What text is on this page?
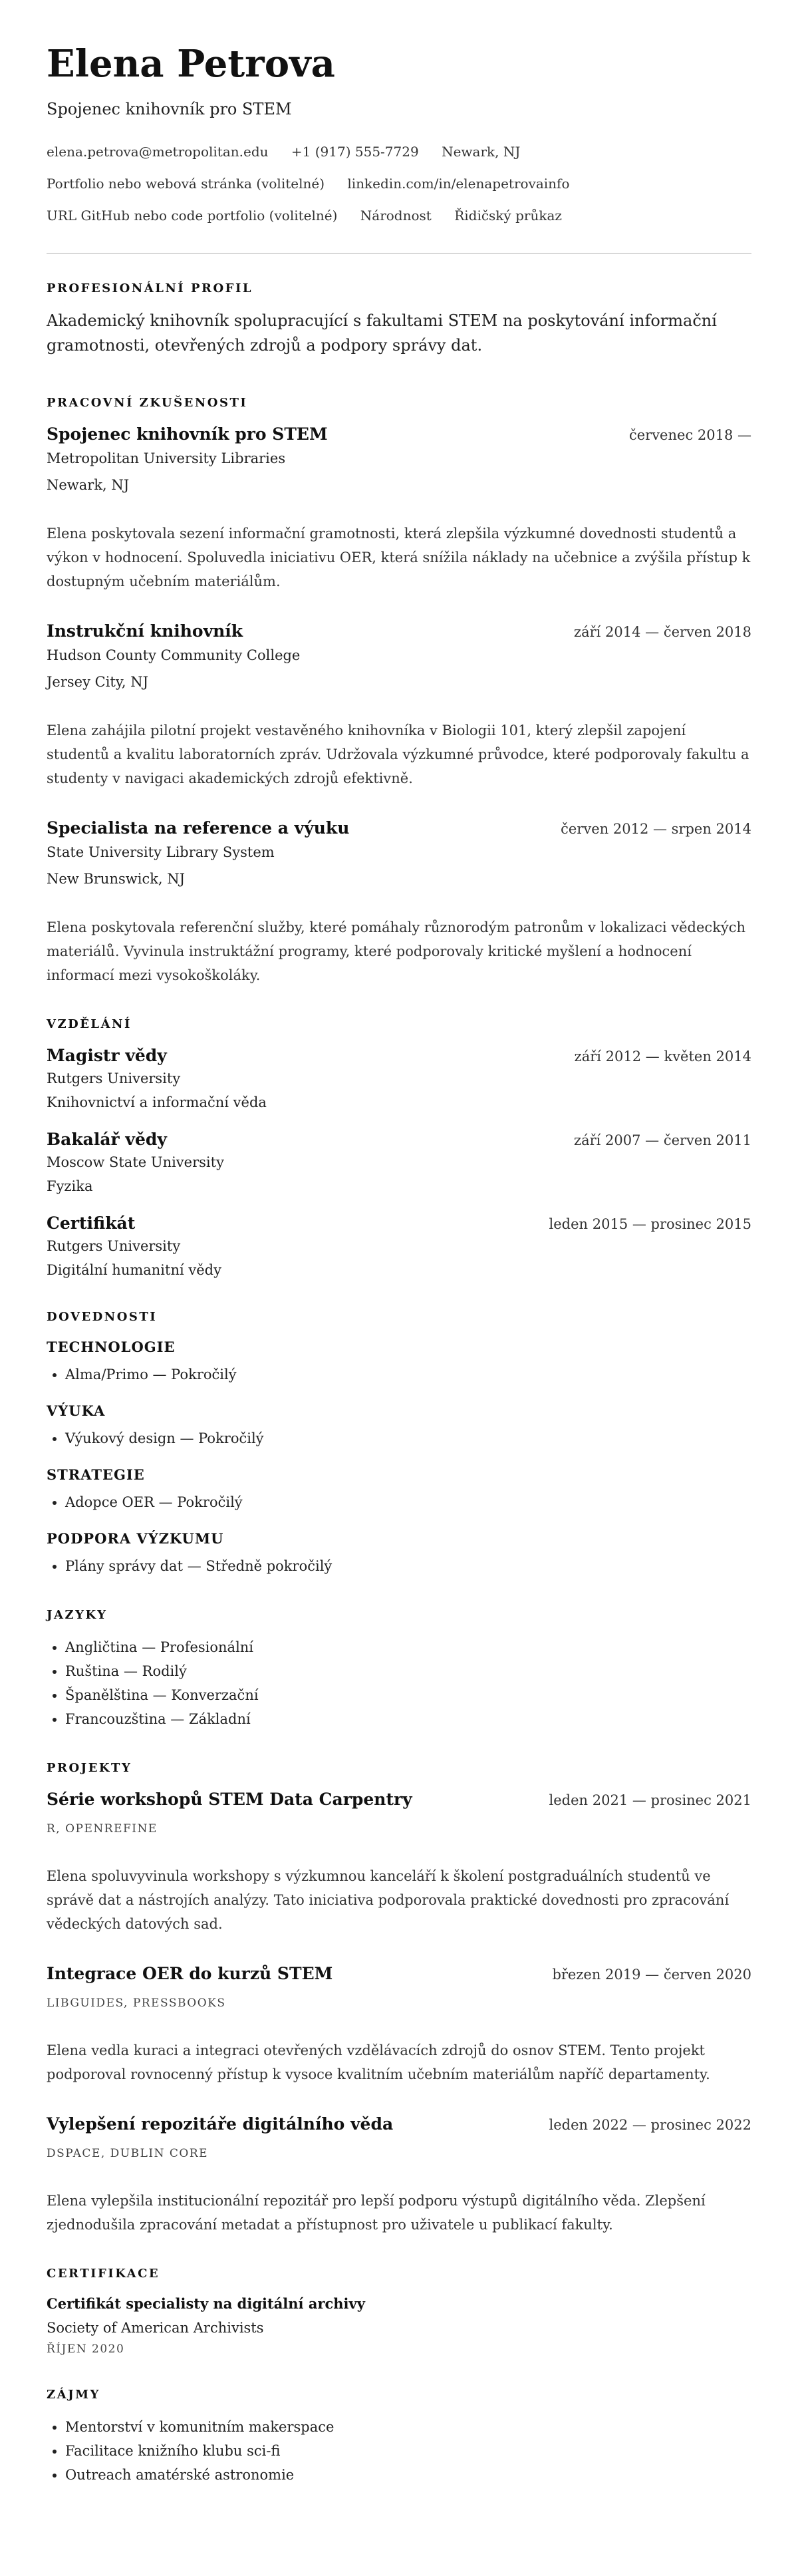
Elena Petrova
Spojenec knihovník pro STEM
elena.petrova@metropolitan.edu +1 (917) 555-7729 Newark, NJ
Portfolio nebo webová stránka (volitelné) linkedin.com/in/elenapetrovainfo
URL GitHub nebo code portfolio (volitelné) Národnost Řidičský průkaz
PROFESIONÁLNÍ PROFIL
Akademický knihovník spolupracující s fakultami STEM na poskytování informační gramotnosti, otevřených zdrojů a podpory správy dat.
PRACOVNÍ ZKUŠENOSTI
Spojenec knihovník pro STEM	červenec 2018 —
Metropolitan University Libraries
Newark, NJ
Elena poskytovala sezení informační gramotnosti, která zlepšila výzkumné dovednosti studentů a výkon v hodnocení. Spoluvedla iniciativu OER, která snížila náklady na učebnice a zvýšila přístup k dostupným učebním materiálům.
Instrukční knihovník	září 2014 — červen 2018
Hudson County Community College
Jersey City, NJ
Elena zahájila pilotní projekt vestavěného knihovníka v Biologii 101, který zlepšil zapojení studentů a kvalitu laboratorních zpráv. Udržovala výzkumné průvodce, které podporovaly fakultu a studenty v navigaci akademických zdrojů efektivně.
Specialista na reference a výuku	červen 2012 — srpen 2014
State University Library System
New Brunswick, NJ
Elena poskytovala referenční služby, které pomáhaly různorodým patronům v lokalizaci vědeckých materiálů. Vyvinula instruktážní programy, které podporovaly kritické myšlení a hodnocení informací mezi vysokoškoláky.
VZDĚLÁNÍ
Magistr vědy	září 2012 — květen 2014
Rutgers University
Knihovnictví a informační věda
Bakalář vědy	září 2007 — červen 2011
Moscow State University
Fyzika
Certifikát	leden 2015 — prosinec 2015
Rutgers University
Digitální humanitní vědy
DOVEDNOSTI
TECHNOLOGIE
• Alma/Primo — Pokročilý
VÝUKA
• Výukový design — Pokročilý
STRATEGIE
• Adopce OER — Pokročilý
PODPORA VÝZKUMU
• Plány správy dat — Středně pokročilý
JAZYKY
• Angličtina — Profesionální
• Ruština — Rodilý
• Španělština — Konverzační
• Francouzština — Základní
PROJEKTY
Série workshopů STEM Data Carpentry	leden 2021 — prosinec 2021
R, OPENREFINE
Elena spoluvyvinula workshopy s výzkumnou kanceláří k školení postgraduálních studentů ve správě dat a nástrojích analýzy. Tato iniciativa podporovala praktické dovednosti pro zpracování vědeckých datových sad.
Integrace OER do kurzů STEM	březen 2019 — červen 2020
LIBGUIDES, PRESSBOOKS
Elena vedla kuraci a integraci otevřených vzdělávacích zdrojů do osnov STEM. Tento projekt podporoval rovnocenný přístup k vysoce kvalitním učebním materiálům napříč departamenty.
Vylepšení repozitáře digitálního věda	leden 2022 — prosinec 2022
DSPACE, DUBLIN CORE
Elena vylepšila institucionální repozitář pro lepší podporu výstupů digitálního věda. Zlepšení zjednodušila zpracování metadat a přístupnost pro uživatele u publikací fakulty.
CERTIFIKACE
Certifikát specialisty na digitální archivy
Society of American Archivists
ŘÍJEN 2020
ZÁJMY
• Mentorství v komunitním makerspace
• Facilitace knižního klubu sci-fi
• Outreach amatérské astronomie
